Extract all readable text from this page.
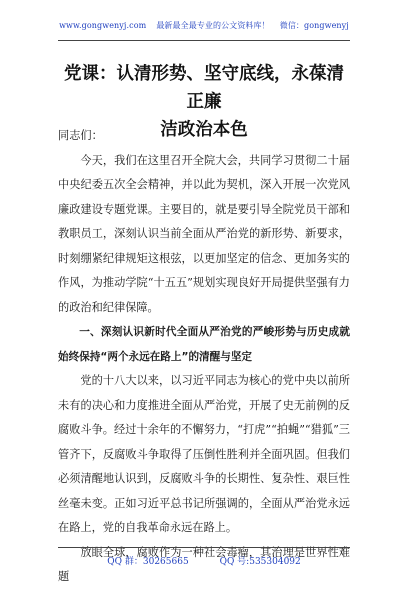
www.gongwenyj.com 最新最全最专业的公文资料库！ 微信：gongwenyj
党课：认清形势、坚守底线，永葆清正廉
洁政治本色

同志们：

今天，我们在这里召开全院大会，共同学习贯彻二十届中央纪委五次全会精神，并以此为契机，深入开展一次党风廉政建设专题党课。主要目的，就是要引导全院党员干部和教职员工，深刻认识当前全面从严治党的新形势、新要求，时刻绷紧纪律规矩这根弦，以更加坚定的信念、更加务实的作风，为推动学院“十五五”规划实现良好开局提供坚强有力的政治和纪律保障。

一、深刻认识新时代全面从严治党的严峻形势与历史成就始终保持“两个永远在路上”的清醒与坚定

党的十八大以来，以习近平同志为核心的党中央以前所未有的决心和力度推进全面从严治党，开展了史无前例的反腐败斗争。经过十余年的不懈努力，“打虎”“拍蝇”“猎狐”三管齐下，反腐败斗争取得了压倒性胜利并全面巩固。但我们必须清醒地认识到，反腐败斗争的长期性、复杂性、艰巨性丝毫未变。正如习近平总书记所强调的，全面从严治党永远在路上，党的自我革命永远在路上。

放眼全球，腐败作为一种社会毒瘤，其治理是世界性难题

QQ 群：30265665	QQ 号:535304092
